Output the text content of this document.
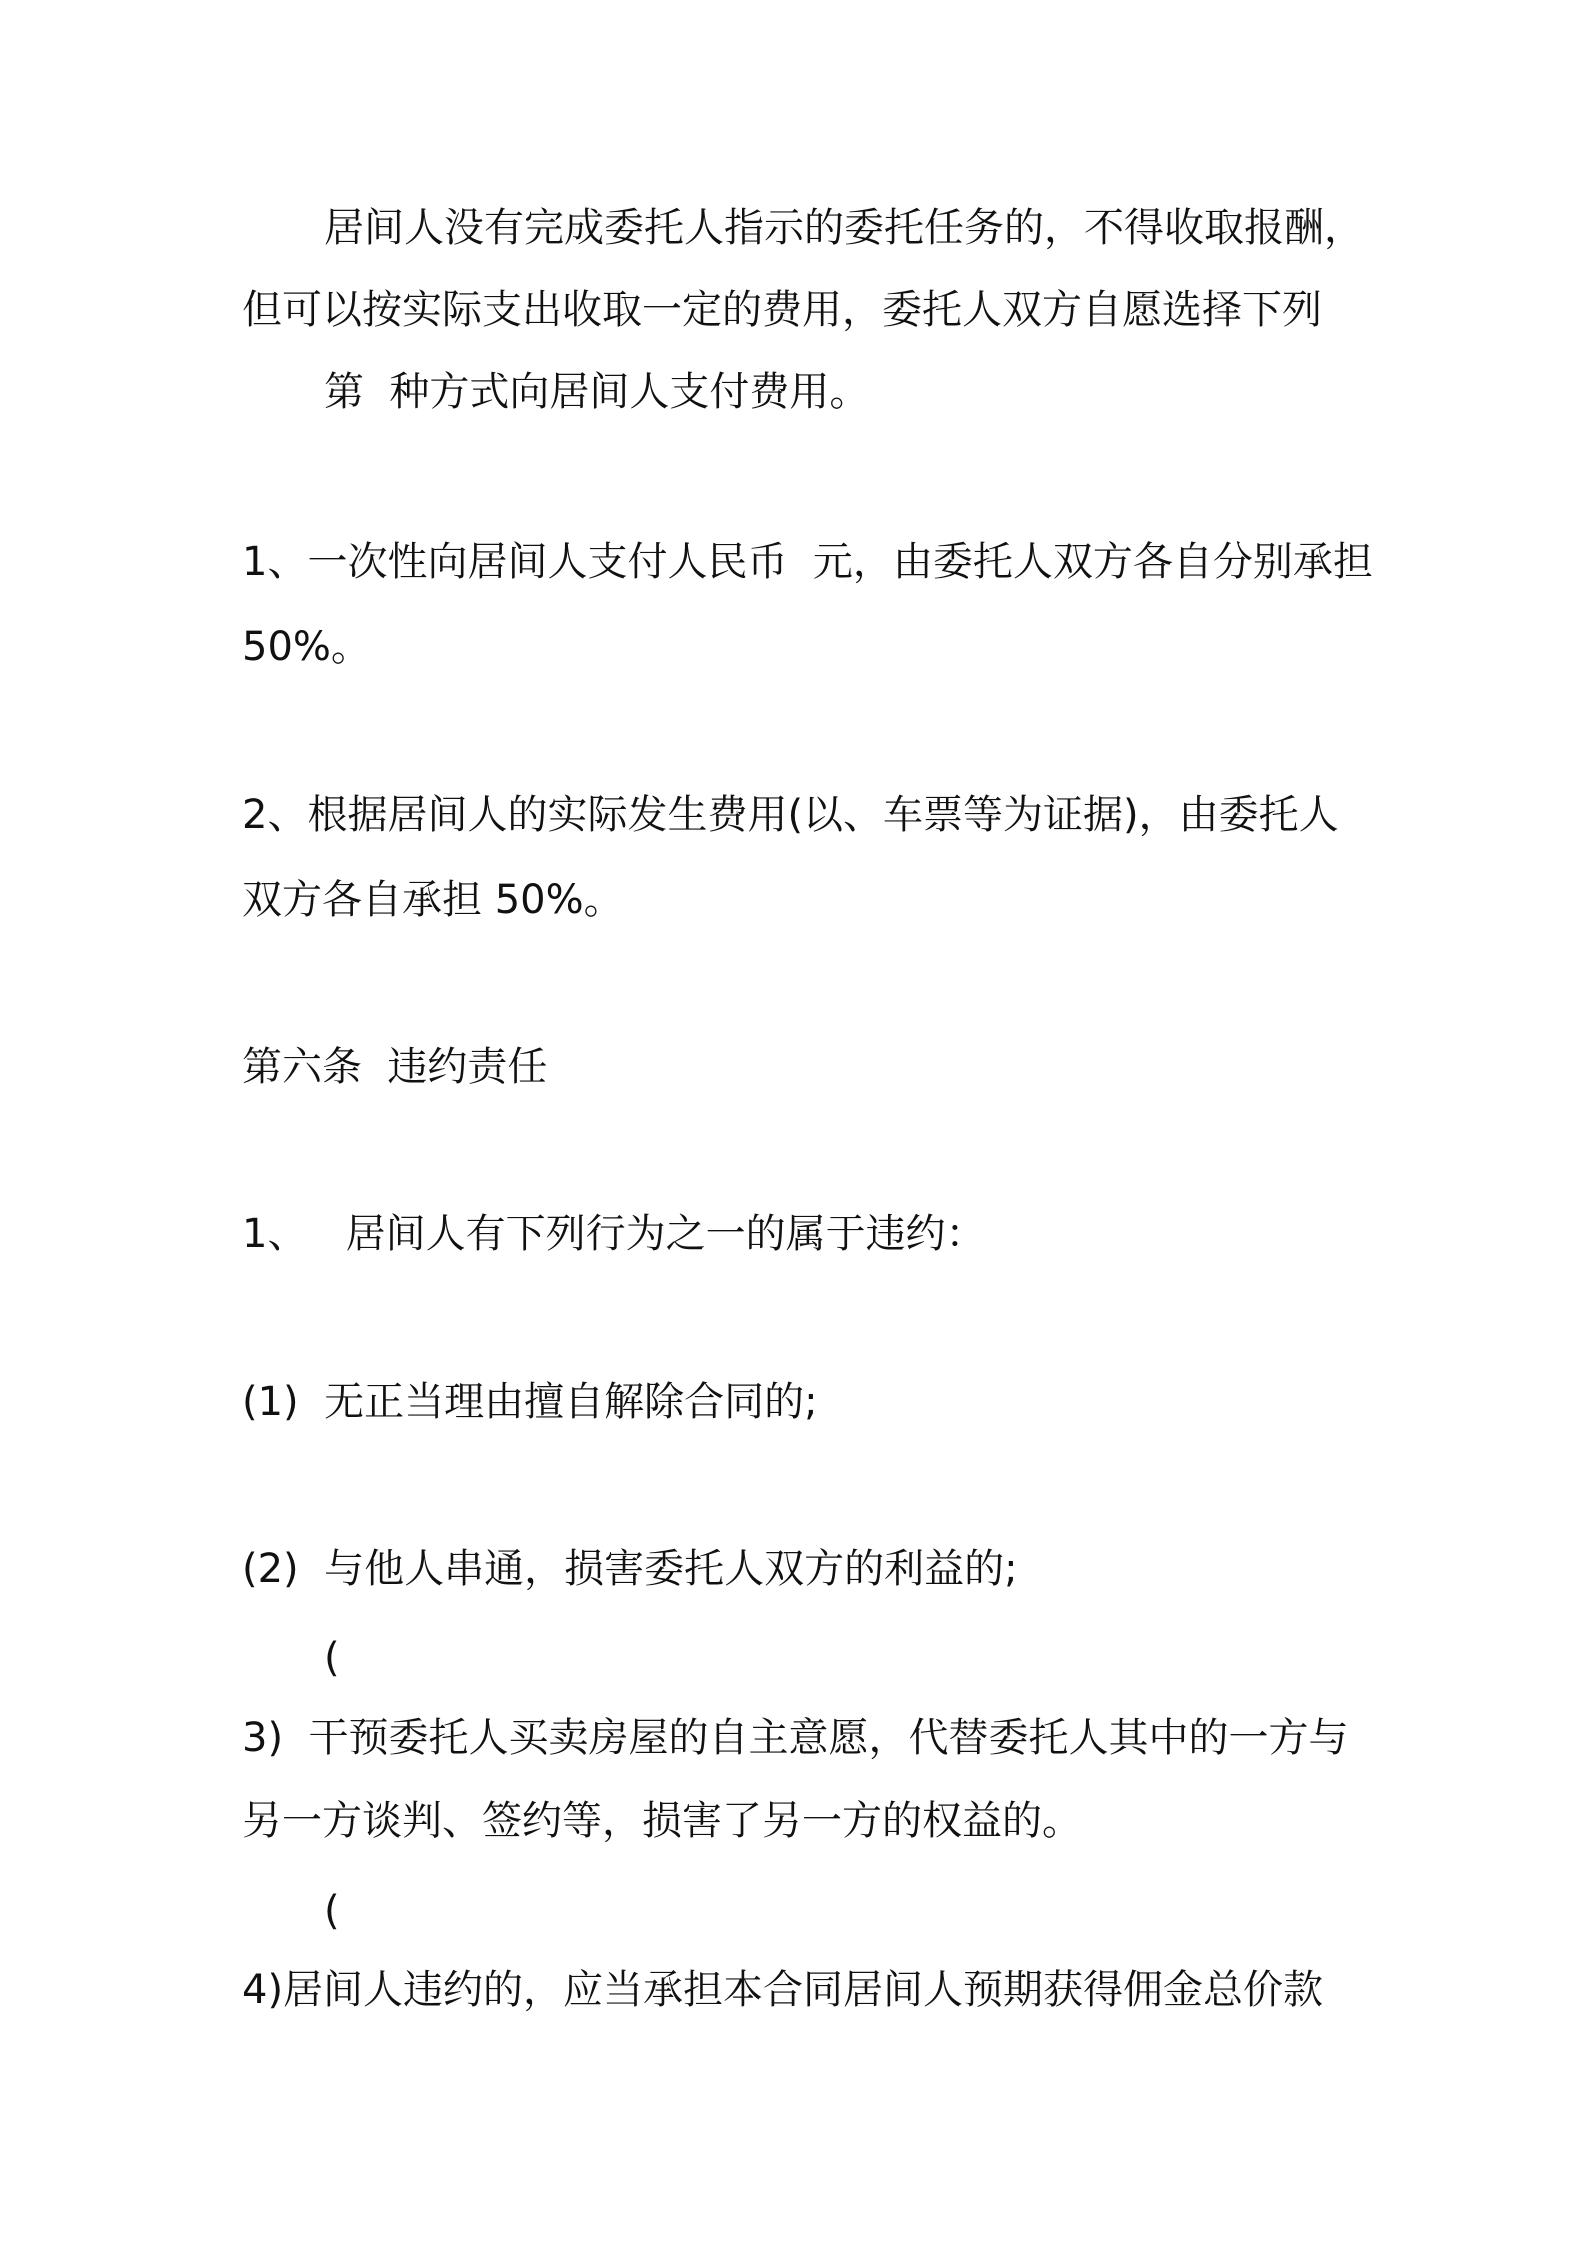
居间人没有完成委托人指示的委托任务的，不得收取报酬，

但可以按实际支出收取一定的费用，委托人双方自愿选择下列

第  种方式向居间人支付费用。

1、一次性向居间人支付人民币  元，由委托人双方各自分别承担

50%。

2、根据居间人的实际发生费用(以、车票等为证据)，由委托人

双方各自承担 50%。

第六条  违约责任

1、   居间人有下列行为之一的属于违约：

(1)  无正当理由擅自解除合同的;

(2)  与他人串通，损害委托人双方的利益的;

(

3)  干预委托人买卖房屋的自主意愿，代替委托人其中的一方与

另一方谈判、签约等，损害了另一方的权益的。

(

4)居间人违约的，应当承担本合同居间人预期获得佣金总价款
